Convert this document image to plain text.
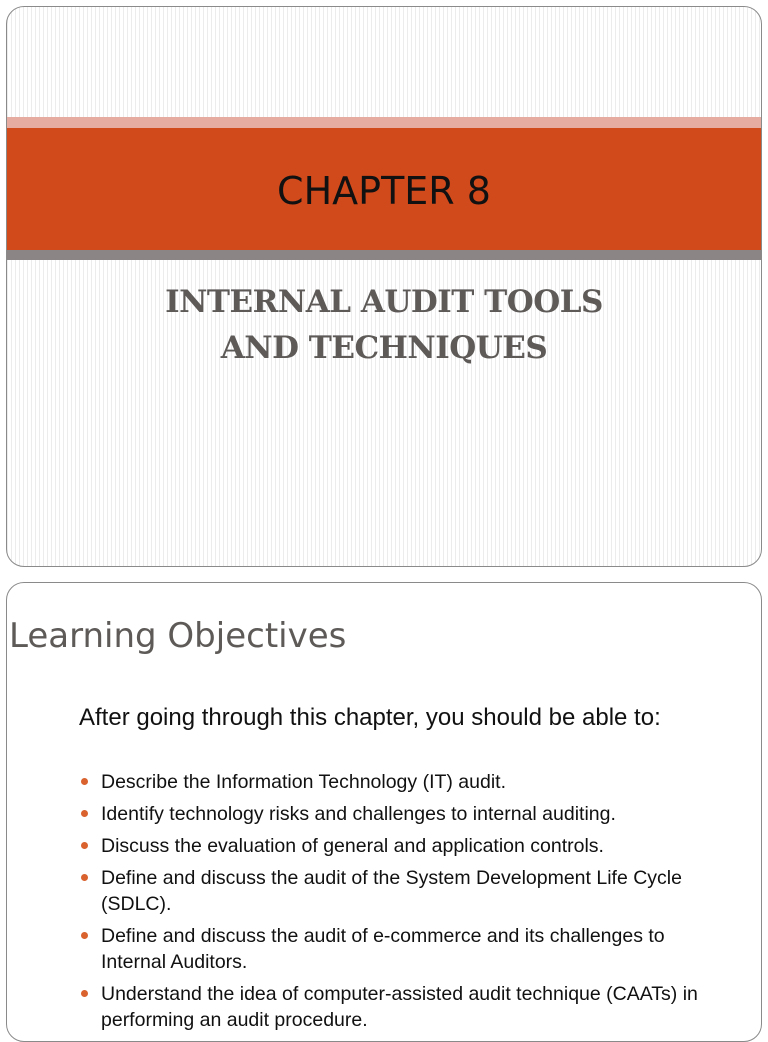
CHAPTER 8
INTERNAL AUDIT TOOLS
AND TECHNIQUES
Learning Objectives
After going through this chapter, you should be able to:
Describe the Information Technology (IT) audit.
Identify technology risks and challenges to internal auditing.
Discuss the evaluation of general and application controls.
Define and discuss the audit of the System Development Life Cycle (SDLC).
Define and discuss the audit of e-commerce and its challenges to Internal Auditors.
Understand the idea of computer-assisted audit technique (CAATs) in performing an audit procedure.
